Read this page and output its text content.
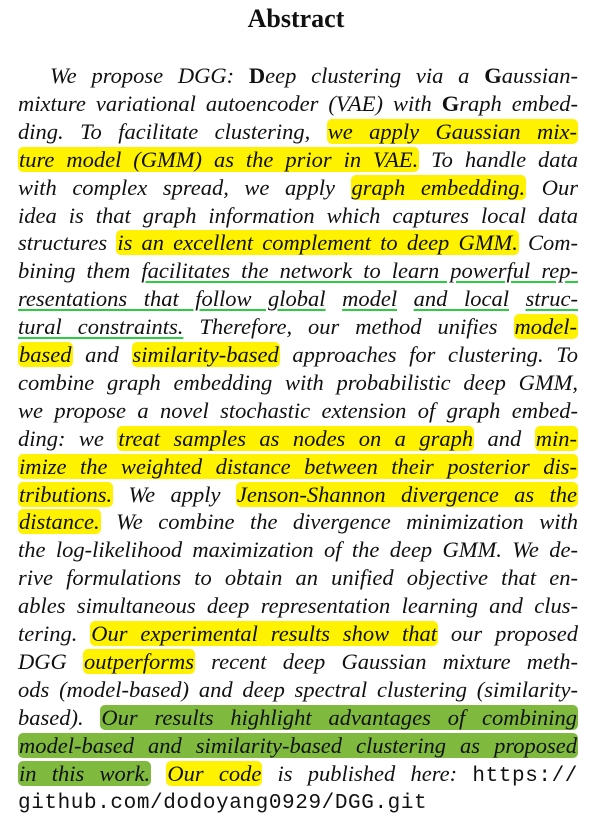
Abstract
We propose DGG: Deep clustering via a Gaussian-
mixture variational autoencoder (VAE) with Graph embed-
ding. To facilitate clustering, we apply Gaussian mix-
ture model (GMM) as the prior in VAE. To handle data
with complex spread, we apply graph embedding. Our
idea is that graph information which captures local data
structures is an excellent complement to deep GMM. Com-
bining them facilitates the network to learn powerful rep-
resentations that follow global model and local struc-
tural constraints. Therefore, our method unifies model-
based and similarity-based approaches for clustering. To
combine graph embedding with probabilistic deep GMM,
we propose a novel stochastic extension of graph embed-
ding: we treat samples as nodes on a graph and min-
imize the weighted distance between their posterior dis-
tributions. We apply Jenson-Shannon divergence as the
distance. We combine the divergence minimization with
the log-likelihood maximization of the deep GMM. We de-
rive formulations to obtain an unified objective that en-
ables simultaneous deep representation learning and clus-
tering. Our experimental results show that our proposed
DGG outperforms recent deep Gaussian mixture meth-
ods (model-based) and deep spectral clustering (similarity-
based). Our results highlight advantages of combining
model-based and similarity-based clustering as proposed
in this work. Our code is published here: https://
github.com/dodoyang0929/DGG.git
